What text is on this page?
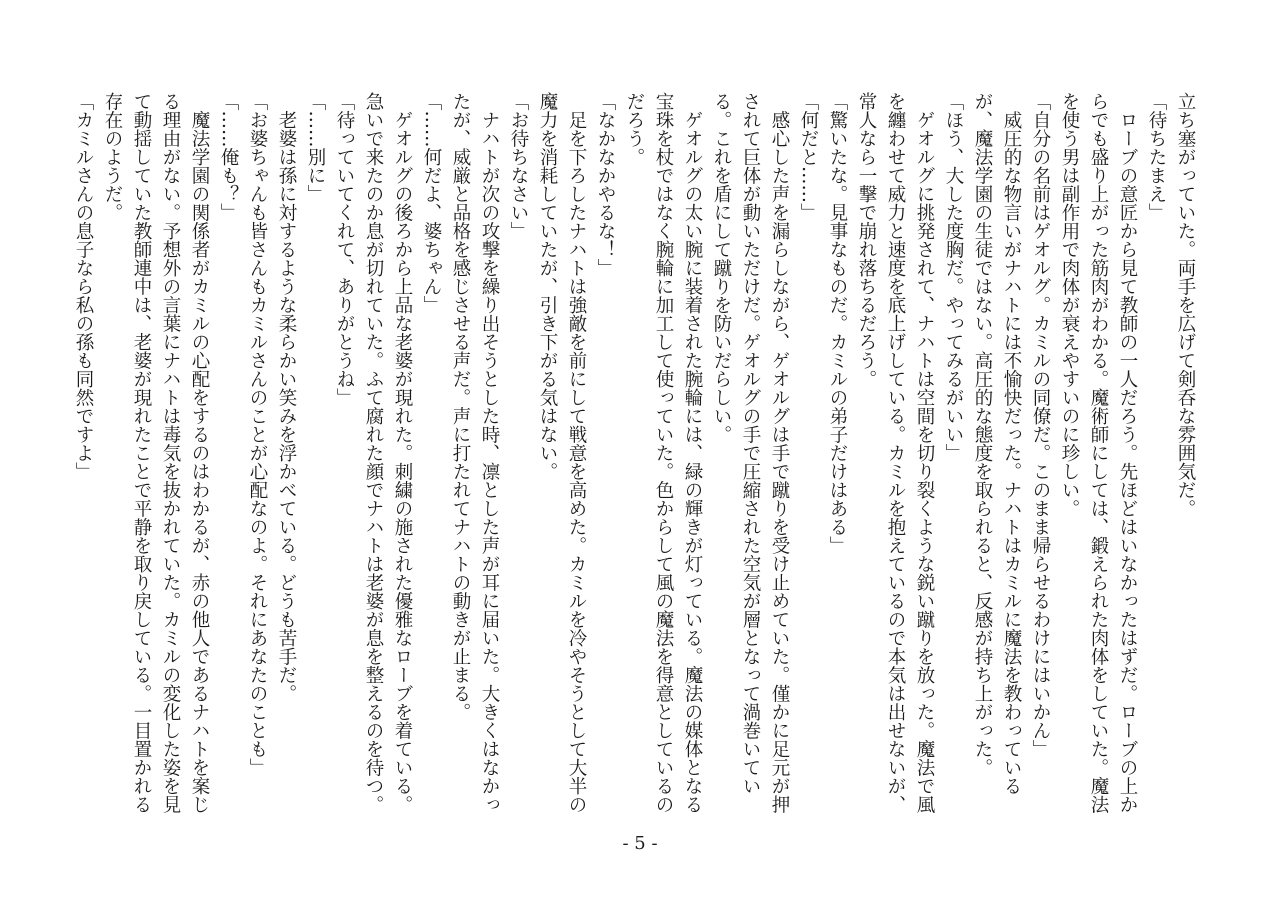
立ち塞がっていた。両手を広げて剣呑な雰囲気だ。

「待ちたまえ」

　ローブの意匠から見て教師の一人だろう。先ほどはいなかったはずだ。ローブの上からでも盛り上がった筋肉がわかる。魔術師にしては、鍛えられた肉体をしていた。魔法を使う男は副作用で肉体が衰えやすいのに珍しい。

「自分の名前はゲオルグ。カミルの同僚だ。このまま帰らせるわけにはいかん」

　威圧的な物言いがナハトには不愉快だった。ナハトはカミルに魔法を教わっているが、魔法学園の生徒ではない。高圧的な態度を取られると、反感が持ち上がった。

「ほう、大した度胸だ。やってみるがいい」

　ゲオルグに挑発されて、ナハトは空間を切り裂くような鋭い蹴りを放った。魔法で風を纏わせて威力と速度を底上げしている。カミルを抱えているので本気は出せないが、常人なら一撃で崩れ落ちるだろう。

「驚いたな。見事なものだ。カミルの弟子だけはある」

「何だと……」

　感心した声を漏らしながら、ゲオルグは手で蹴りを受け止めていた。僅かに足元が押されて巨体が動いただけだ。ゲオルグの手で圧縮された空気が層となって渦巻いている。これを盾にして蹴りを防いだらしい。

　ゲオルグの太い腕に装着された腕輪には、緑の輝きが灯っている。魔法の媒体となる宝珠を杖ではなく腕輪に加工して使っていた。色からして風の魔法を得意としているのだろう。

「なかなかやるな！」

　足を下ろしたナハトは強敵を前にして戦意を高めた。カミルを冷やそうとして大半の魔力を消耗していたが、引き下がる気はない。

「お待ちなさい」

　ナハトが次の攻撃を繰り出そうとした時、凛とした声が耳に届いた。大きくはなかったが、威厳と品格を感じさせる声だ。声に打たれてナハトの動きが止まる。

「……何だよ、婆ちゃん」

　ゲオルグの後ろから上品な老婆が現れた。刺繍の施された優雅なローブを着ている。急いで来たのか息が切れていた。ふて腐れた顔でナハトは老婆が息を整えるのを待つ。

「待っていてくれて、ありがとうね」

「……別に」

　老婆は孫に対するような柔らかい笑みを浮かべている。どうも苦手だ。

「お婆ちゃんも皆さんもカミルさんのことが心配なのよ。それにあなたのことも」

「……俺も？」

　魔法学園の関係者がカミルの心配をするのはわかるが、赤の他人であるナハトを案じる理由がない。予想外の言葉にナハトは毒気を抜かれていた。カミルの変化した姿を見て動揺していた教師連中は、老婆が現れたことで平静を取り戻している。一目置かれる存在のようだ。

「カミルさんの息子なら私の孫も同然ですよ」

- 5 -
